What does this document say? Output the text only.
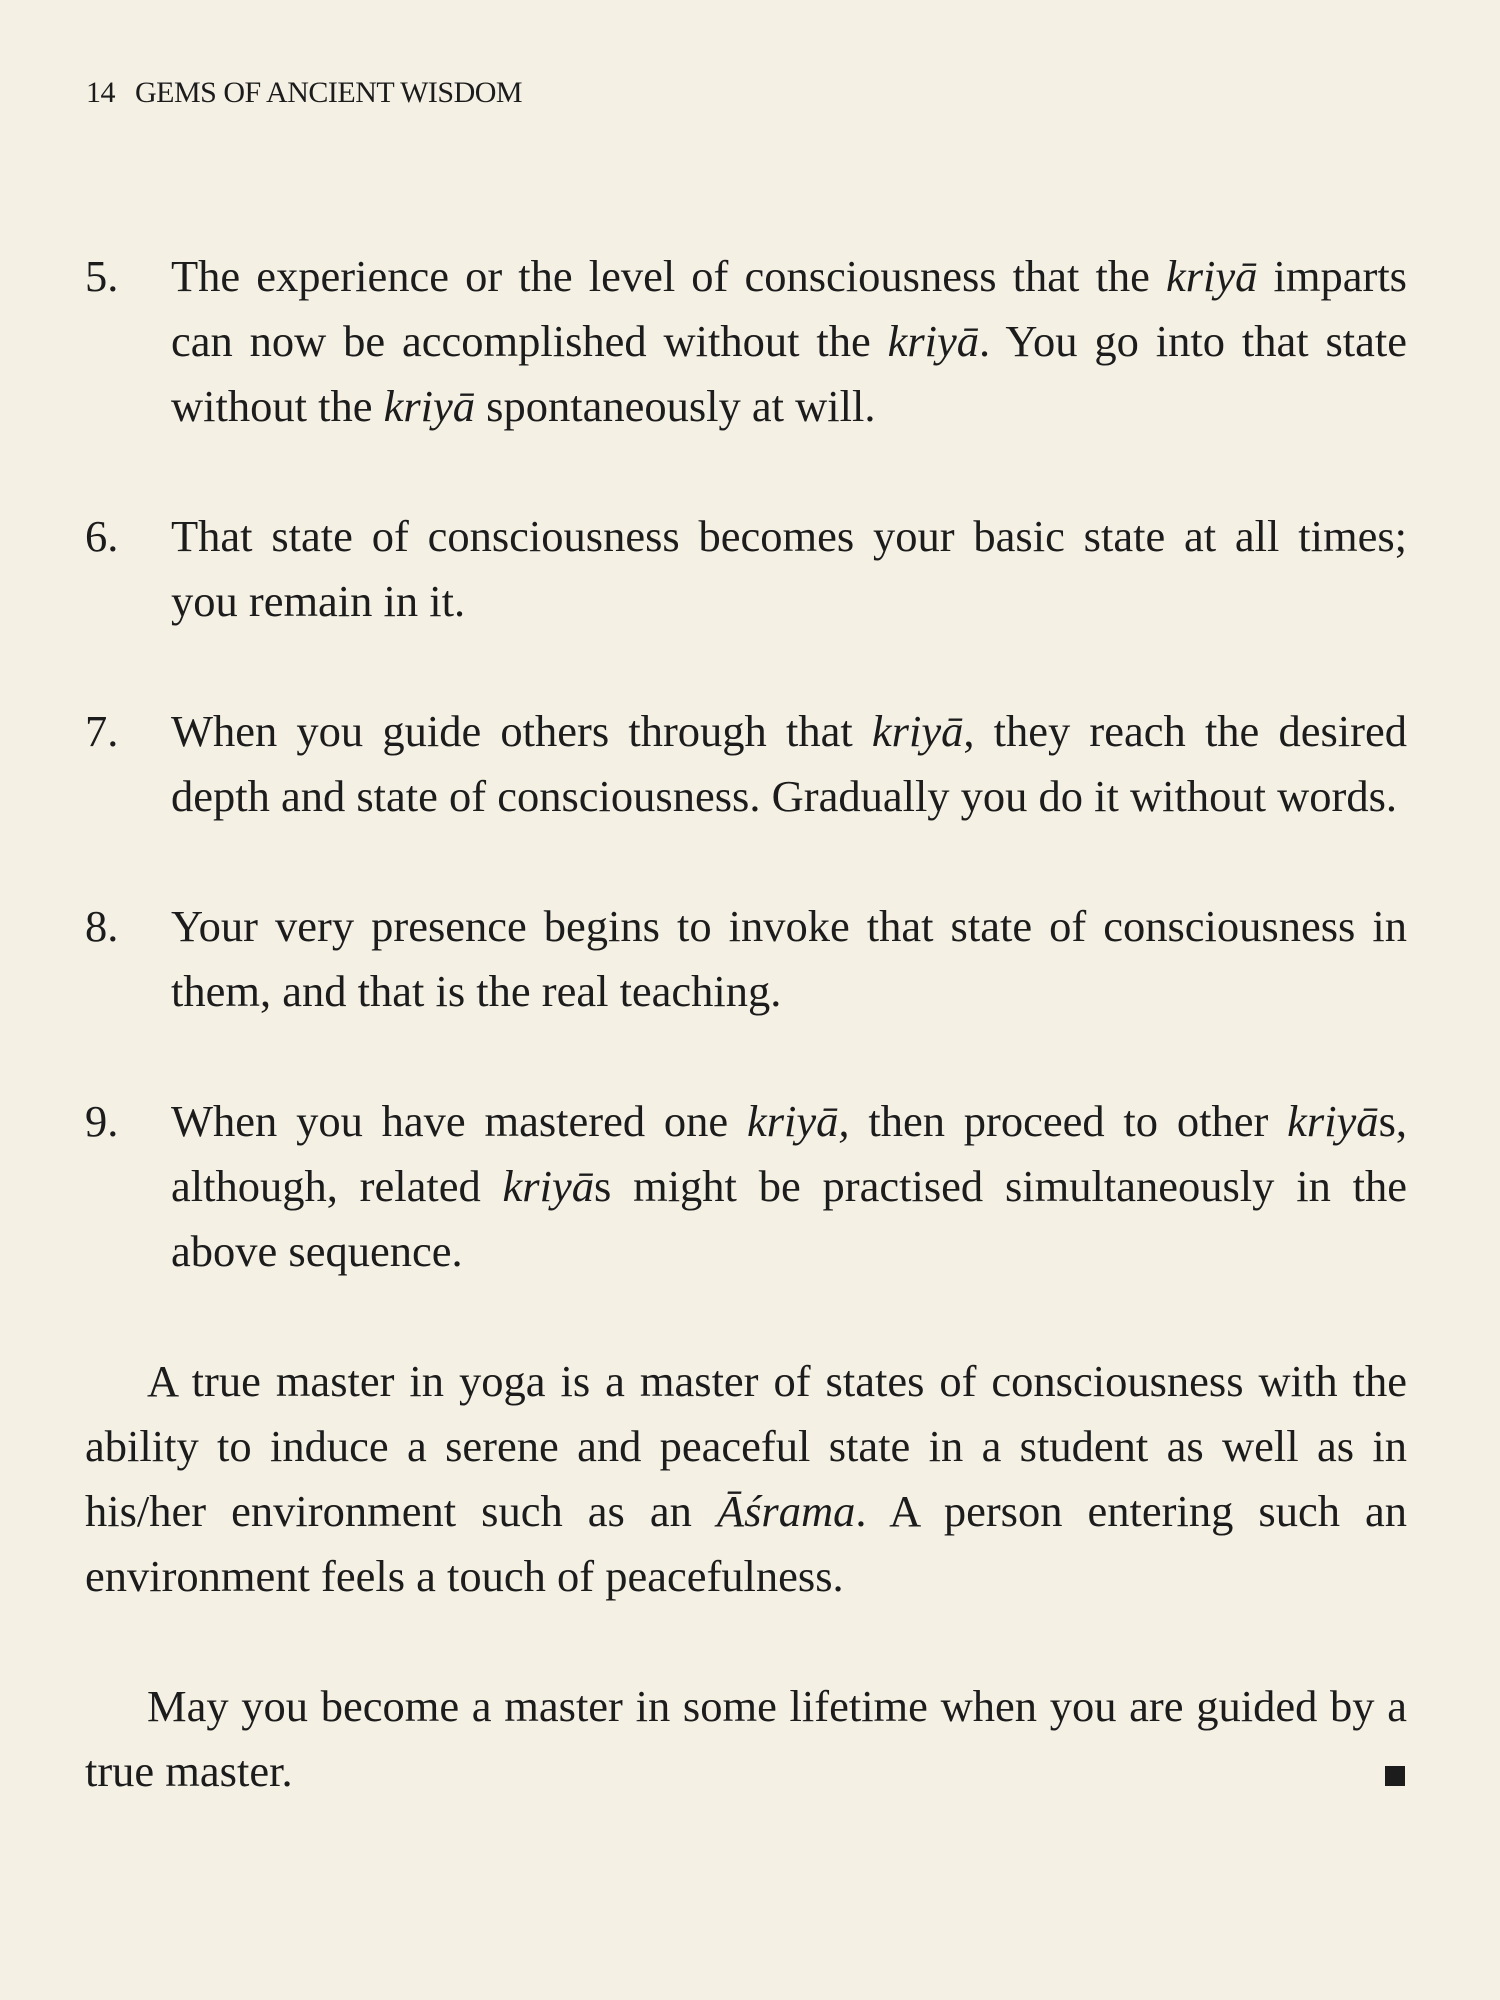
14 GEMS OF ANCIENT WISDOM
5. The experience or the level of consciousness that the kriyā imparts can now be accomplished without the kriyā. You go into that state without the kriyā spontaneously at will.
6. That state of consciousness becomes your basic state at all times; you remain in it.
7. When you guide others through that kriyā, they reach the desired depth and state of consciousness. Gradually you do it without words.
8. Your very presence begins to invoke that state of consciousness in them, and that is the real teaching.
9. When you have mastered one kriyā, then proceed to other kriyās, although, related kriyās might be practised simultaneously in the above sequence.

A true master in yoga is a master of states of consciousness with the ability to induce a serene and peaceful state in a student as well as in his/her environment such as an Āśrama. A person entering such an environment feels a touch of peacefulness.

May you become a master in some lifetime when you are guided by a true master.
